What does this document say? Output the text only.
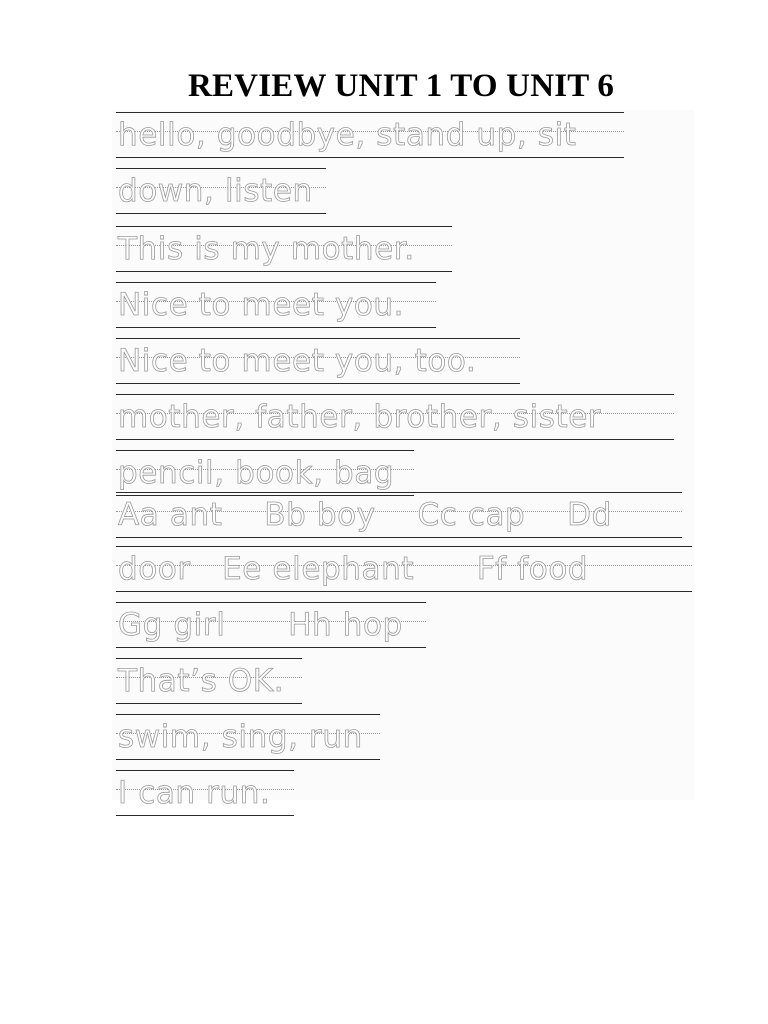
REVIEW UNIT 1 TO UNIT 6
hello, goodbye, stand up, sit
down, listen
This is my mother.
Nice to meet you.
Nice to meet you, too.
mother, father, brother, sister
pencil, book, bag
Aa ant    Bb boy    Cc cap    Dd
door   Ee elephant      Ff food
Gg girl      Hh hop
That’s OK.
swim, sing, run
I can run.
